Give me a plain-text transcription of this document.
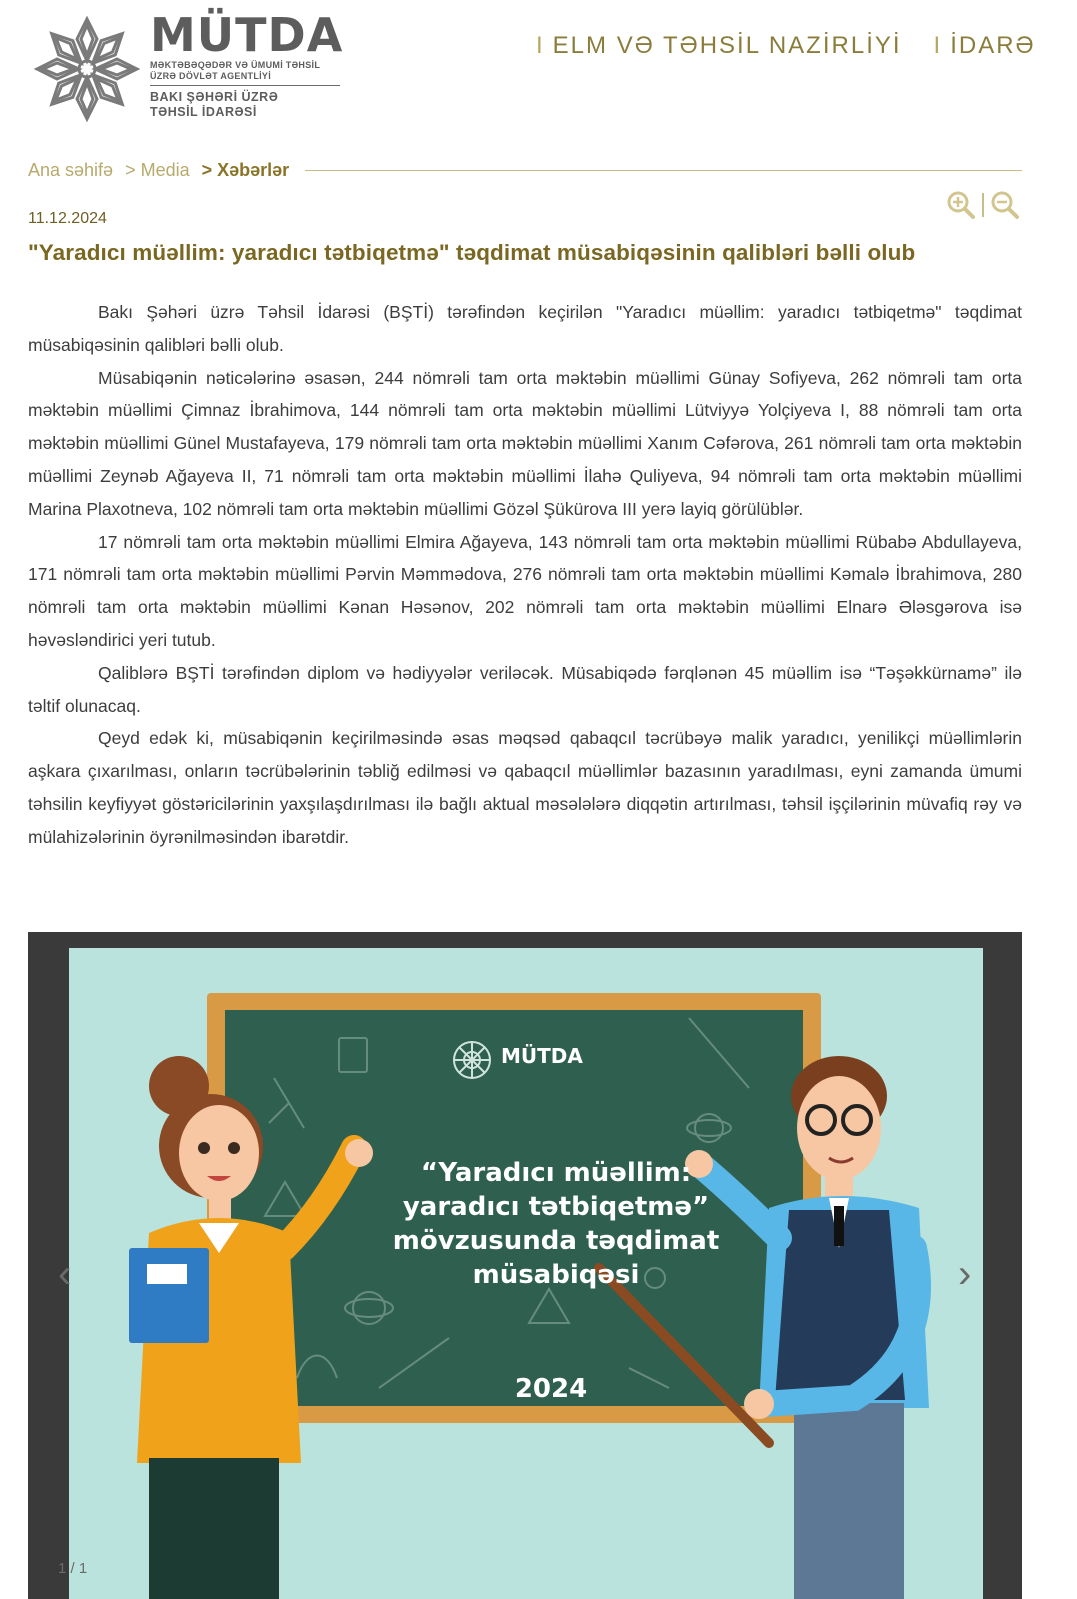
MÜTDA
MƏKTƏBƏQƏDƏR VƏ ÜMUMİ TƏHSİL
ÜZRƏ DÖVLƏT AGENTLİYİ
BAKI ŞƏHƏRİ ÜZRƏ
TƏHSİL İDARƏSİ
I ELM VƏ TƏHSİL NAZİRLİYİ
I	İDARƏ
Ana səhifə > Media > Xəbərlər
11.12.2024
"Yaradıcı müəllim: yaradıcı tətbiqetmə" təqdimat müsabiqəsinin qalibləri bəlli olub

Bakı Şəhəri üzrə Təhsil İdarəsi (BŞTİ) tərəfindən keçirilən "Yaradıcı müəllim: yaradıcı tətbiqetmə" təqdimat müsabiqəsinin qalibləri bəlli olub.

Müsabiqənin nəticələrinə əsasən, 244 nömrəli tam orta məktəbin müəllimi Günay Sofiyeva, 262 nömrəli tam orta məktəbin müəllimi Çimnaz İbrahimova, 144 nömrəli tam orta məktəbin müəllimi Lütviyyə Yolçiyeva I, 88 nömrəli tam orta məktəbin müəllimi Günel Mustafayeva, 179 nömrəli tam orta məktəbin müəllimi Xanım Cəfərova, 261 nömrəli tam orta məktəbin müəllimi Zeynəb Ağayeva II, 71 nömrəli tam orta məktəbin müəllimi İlahə Quliyeva, 94 nömrəli tam orta məktəbin müəllimi Marina Plaxotneva, 102 nömrəli tam orta məktəbin müəllimi Gözəl Şükürova III yerə layiq görülüblər.

17 nömrəli tam orta məktəbin müəllimi Elmira Ağayeva, 143 nömrəli tam orta məktəbin müəllimi Rübabə Abdullayeva, 171 nömrəli tam orta məktəbin müəllimi Pərvin Məmmədova, 276 nömrəli tam orta məktəbin müəllimi Kəmalə İbrahimova, 280 nömrəli tam orta məktəbin müəllimi Kənan Həsənov, 202 nömrəli tam orta məktəbin müəllimi Elnarə Ələsgərova isə həvəsləndirici yeri tutub.

Qaliblərə BŞTİ tərəfindən diplom və hədiyyələr veriləcək. Müsabiqədə fərqlənən 45 müəllim isə “Təşəkkürnamə” ilə təltif olunacaq.

Qeyd edək ki, müsabiqənin keçirilməsində əsas məqsəd qabaqcıl təcrübəyə malik yaradıcı, yenilikçi müəllimlərin aşkara çıxarılması, onların təcrübələrinin təbliğ edilməsi və qabaqcıl müəllimlər bazasının yaradılması, eyni zamanda ümumi təhsilin keyfiyyət göstəricilərinin yaxşılaşdırılması ilə bağlı aktual məsələlərə diqqətin artırılması, təhsil işçilərinin müvafiq rəy və mülahizələrinin öyrənilməsindən ibarətdir.

MÜTDA
“Yaradıcı müəllim:
yaradıcı tətbiqetmə”
mövzusunda təqdimat
müsabiqəsi
2024
‹	›
1 / 1
